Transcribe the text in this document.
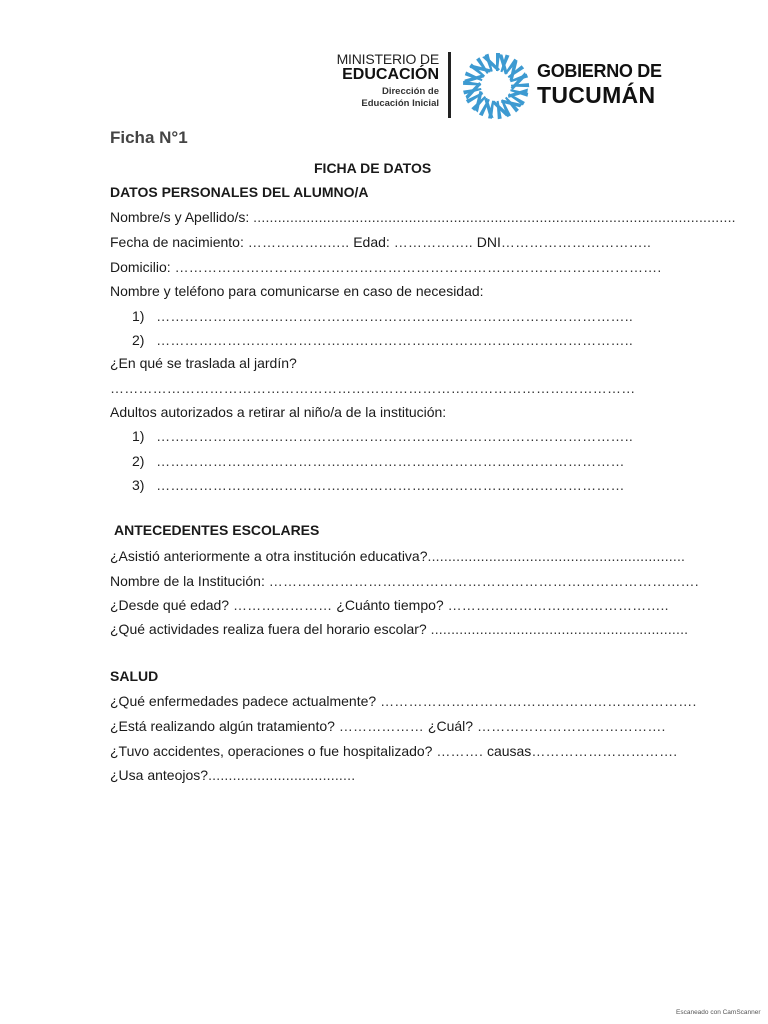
MINISTERIO DE
EDUCACIÓN
Dirección de
Educación Inicial
GOBIERNO DE
TUCUMÁN
Ficha N°1
FICHA DE DATOS
DATOS PERSONALES DEL ALUMNO/A
Nombre/s y Apellido/s: ......................................................................................................................
Fecha de nacimiento: ……………..….. Edad: …………….. DNI…………………………..
Domicilio: ………………………………………………………………………………………….
Nombre y teléfono para comunicarse en caso de necesidad:
1) ………………………………………………………………………………………..
2) ………………………………………………………………………………………..
¿En qué se traslada al jardín?
…………………………………………………………………………………………………
Adultos autorizados a retirar al niño/a de la institución:
1) ………………………………………………………………………………………..
2) ………………………………………………………………………………………
3) ………………………………………………………………………………………
ANTECEDENTES ESCOLARES
¿Asistió anteriormente a otra institución educativa?...............................................................
Nombre de la Institución: ……………………………………………………………………………….
¿Desde qué edad? ………………… ¿Cuánto tiempo? ………………………………………..
¿Qué actividades realiza fuera del horario escolar? ...............................................................
SALUD
¿Qué enfermedades padece actualmente? ………………………………………………………….
¿Está realizando algún tratamiento? ……………… ¿Cuál? ………………………………….
¿Tuvo accidentes, operaciones o fue hospitalizado? ………. causas………………………….
¿Usa anteojos?....................................
Escaneado con CamScanner
